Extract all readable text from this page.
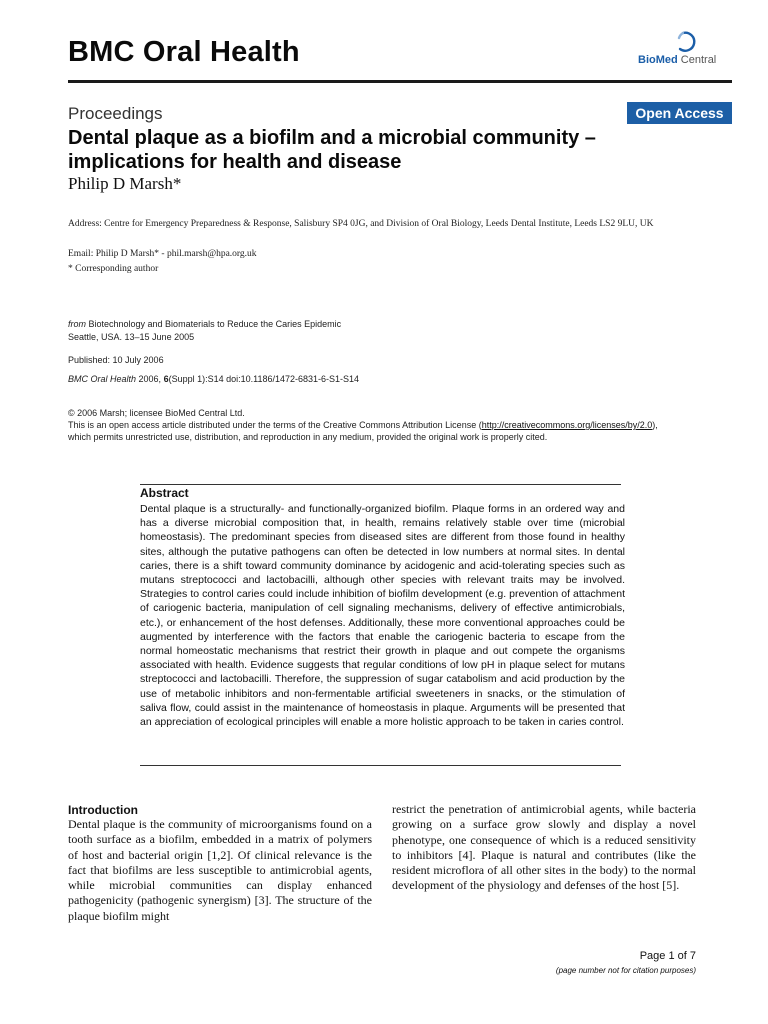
BMC Oral Health	BioMed Central
Proceedings	Open Access
Dental plaque as a biofilm and a microbial community – implications for health and disease
Philip D Marsh*
Address: Centre for Emergency Preparedness & Response, Salisbury SP4 0JG, and Division of Oral Biology, Leeds Dental Institute, Leeds LS2 9LU, UK
Email: Philip D Marsh* - phil.marsh@hpa.org.uk
* Corresponding author
from Biotechnology and Biomaterials to Reduce the Caries Epidemic
Seattle, USA. 13–15 June 2005
Published: 10 July 2006
BMC Oral Health 2006, 6(Suppl 1):S14 doi:10.1186/1472-6831-6-S1-S14
© 2006 Marsh; licensee BioMed Central Ltd.
This is an open access article distributed under the terms of the Creative Commons Attribution License (http://creativecommons.org/licenses/by/2.0),
which permits unrestricted use, distribution, and reproduction in any medium, provided the original work is properly cited.
Abstract

Dental plaque is a structurally- and functionally-organized biofilm. Plaque forms in an ordered way and has a diverse microbial composition that, in health, remains relatively stable over time (microbial homeostasis). The predominant species from diseased sites are different from those found in healthy sites, although the putative pathogens can often be detected in low numbers at normal sites. In dental caries, there is a shift toward community dominance by acidogenic and acid-tolerating species such as mutans streptococci and lactobacilli, although other species with relevant traits may be involved. Strategies to control caries could include inhibition of biofilm development (e.g. prevention of attachment of cariogenic bacteria, manipulation of cell signaling mechanisms, delivery of effective antimicrobials, etc.), or enhancement of the host defenses. Additionally, these more conventional approaches could be augmented by interference with the factors that enable the cariogenic bacteria to escape from the normal homeostatic mechanisms that restrict their growth in plaque and out compete the organisms associated with health. Evidence suggests that regular conditions of low pH in plaque select for mutans streptococci and lactobacilli. Therefore, the suppression of sugar catabolism and acid production by the use of metabolic inhibitors and non-fermentable artificial sweeteners in snacks, or the stimulation of saliva flow, could assist in the maintenance of homeostasis in plaque. Arguments will be presented that an appreciation of ecological principles will enable a more holistic approach to be taken in caries control.

Introduction

Dental plaque is the community of microorganisms found on a tooth surface as a biofilm, embedded in a matrix of polymers of host and bacterial origin [1,2]. Of clinical relevance is the fact that biofilms are less susceptible to antimicrobial agents, while microbial communities can display enhanced pathogenicity (pathogenic synergism) [3]. The structure of the plaque biofilm might

restrict the penetration of antimicrobial agents, while bacteria growing on a surface grow slowly and display a novel phenotype, one consequence of which is a reduced sensitivity to inhibitors [4]. Plaque is natural and contributes (like the resident microflora of all other sites in the body) to the normal development of the physiology and defenses of the host [5].

Page 1 of 7
(page number not for citation purposes)
